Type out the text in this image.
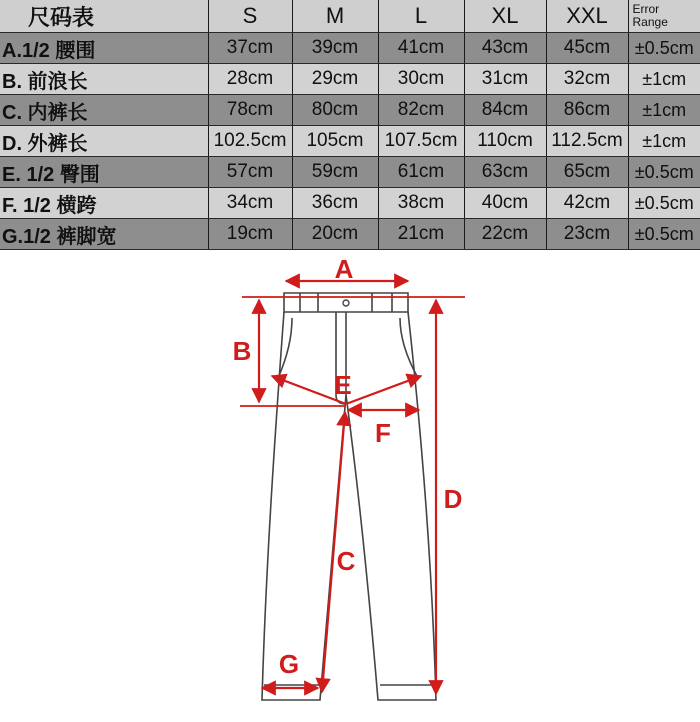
尺码表	S	M	L	XL	XXL	Error
Range

A.1/2 腰围	37cm	39cm	41cm	43cm	45cm	±0.5cm
B. 前浪长	28cm	29cm	30cm	31cm	32cm	±1cm
C. 内裤长	78cm	80cm	82cm	84cm	86cm	±1cm
D. 外裤长	102.5cm	105cm	107.5cm	110cm	112.5cm	±1cm
E. 1/2 臀围	57cm	59cm	61cm	63cm	65cm	±0.5cm
F. 1/2 横跨	34cm	36cm	38cm	40cm	42cm	±0.5cm
G.1/2 裤脚宽	19cm	20cm	21cm	22cm	23cm	±0.5cm
A
B
E
F
D
C
G
